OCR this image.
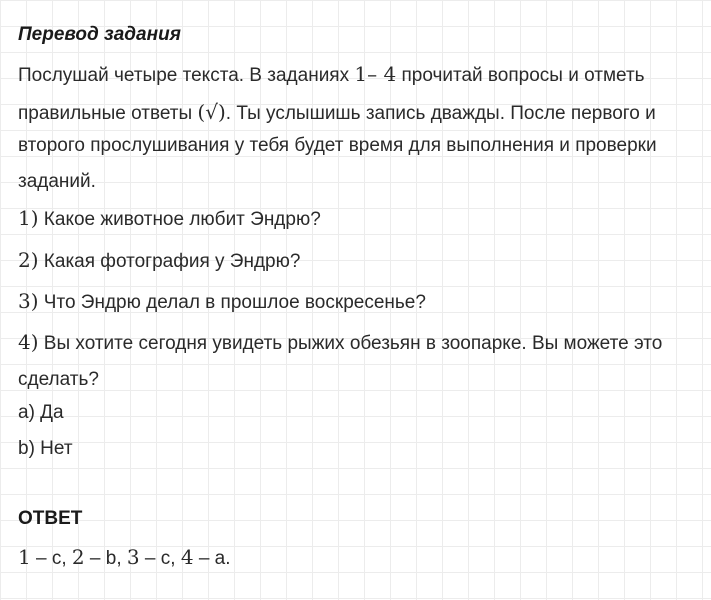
Перевод задания
Послушай четыре текста. В заданиях 1– 4 прочитай вопросы и отметь
правильные ответы (√). Ты услышишь запись дважды. После первого и
второго прослушивания у тебя будет время для выполнения и проверки
заданий.
1) Какое животное любит Эндрю?
2) Какая фотография у Эндрю?
3) Что Эндрю делал в прошлое воскресенье?
4) Вы хотите сегодня увидеть рыжих обезьян в зоопарке. Вы можете это
сделать?
a) Да
b) Нет
ОТВЕТ
1 – c, 2 – b, 3 – c, 4 – a.
